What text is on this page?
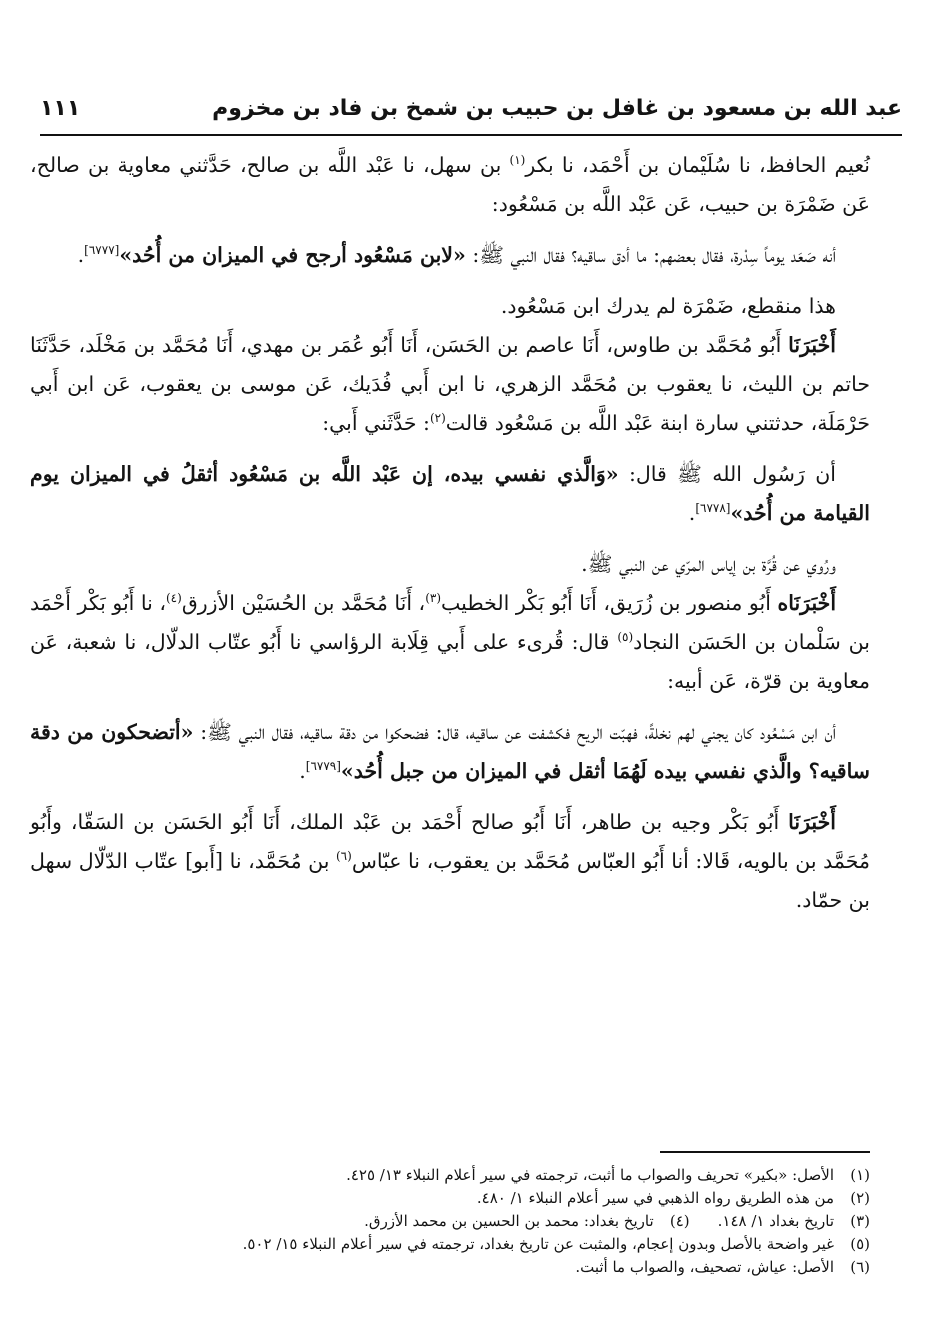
عبد الله بن مسعود بن غافل بن حبيب بن شمخ بن فاد بن مخزوم
١١١

نُعيم الحافظ، نا سُلَيْمان بن أَحْمَد، نا بكر$^{(١)}$ بن سهل، نا عَبْد اللَّه بن صالح، حَدَّثني معاوية بن صالح، عَن ضَمْرَة بن حبيب، عَن عَبْد اللَّه بن مَسْعُود:

أنه صَعَد يوماً سِدْرة، فقال بعضهم: ما أدق ساقيه؟ فقال النبي ﷺ: «لابن مَسْعُود أرجح في الميزان من أُحُد»[٦٧٧٧].

هذا منقطع، ضَمْرَة لم يدرك ابن مَسْعُود.

أَخْبَرَنَا أَبُو مُحَمَّد بن طاوس، أَنَا عاصم بن الحَسَن، أَنَا أَبُو عُمَر بن مهدي، أَنَا مُحَمَّد بن مَخْلَد، حَدَّثَنَا حاتم بن الليث، نا يعقوب بن مُحَمَّد الزهري، نا ابن أَبي فُدَيك، عَن موسى بن يعقوب، عَن ابن أَبي حَرْمَلَة، حدثتني سارة ابنة عَبْد اللَّه بن مَسْعُود قالت$^{(٢)}$: حَدَّثَني أَبي:

أن رَسُول الله ﷺ قال: «وَالَّذي نفسي بيده، إن عَبْد اللَّه بن مَسْعُود أثقلُ في الميزان يوم القيامة من أُحُد»[٦٧٧٨].

ورُوي عن قُرَّة بن إياس المرّي عن النبي ﷺ.

أَخْبَرَنَاه أَبُو منصور بن زُرَيق، أَنَا أَبُو بَكْر الخطيب$^{(٣)}$، أَنَا مُحَمَّد بن الحُسَيْن الأزرق$^{(٤)}$، نا أَبُو بَكْر أَحْمَد بن سَلْمان بن الحَسَن النجاد$^{(٥)}$ قال: قُرىء على أَبي قِلَابة الرؤاسي نا أَبُو عتّاب الدلّال، نا شعبة، عَن معاوية بن قرّة، عَن أبيه:

أن ابن مَسْعُود كان يجني لهم نخلةً، فهبّت الريح فكشفت عن ساقيه، قال: فضحكوا من دقة ساقيه، فقال النبي ﷺ: «أتضحكون من دقة ساقيه؟ والَّذي نفسي بيده لَهُمَا أثقل في الميزان من جبل أُحُد»[٦٧٧٩].

أَخْبَرَنَا أَبُو بَكْر وجيه بن طاهر، أَنَا أَبُو صالح أَحْمَد بن عَبْد الملك، أَنَا أَبُو الحَسَن بن السَقّا، وأَبُو مُحَمَّد بن بالويه، قَالا: أنا أَبُو العبّاس مُحَمَّد بن يعقوب، نا عبّاس$^{(٦)}$ بن مُحَمَّد، نا [أَبو] عتّاب الدّلّال سهل بن حمّاد.

(١)الأصل: «بكير» تحريف والصواب ما أثبت، ترجمته في سير أعلام النبلاء ١٣/ ٤٢٥.

(٢)من هذه الطريق رواه الذهبي في سير أعلام النبلاء ١/ ٤٨٠.

(٣)تاريخ بغداد ١/ ١٤٨.(٤)تاريخ بغداد: محمد بن الحسين بن محمد الأزرق.

(٥)غير واضحة بالأصل وبدون إعجام، والمثبت عن تاريخ بغداد، ترجمته في سير أعلام النبلاء ١٥/ ٥٠٢.

(٦)الأصل: عياش، تصحيف، والصواب ما أثبت.
